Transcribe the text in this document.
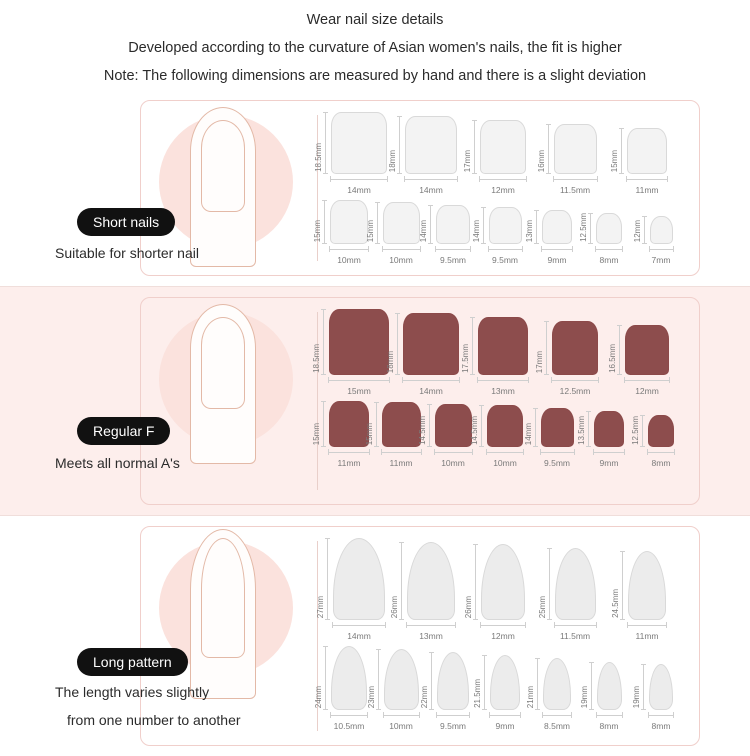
Wear nail size details
Developed according to the curvature of Asian women's nails, the fit is higher
Note: The following dimensions are measured by hand and there is a slight deviation
18.5mm
14mm
18mm
14mm
17mm
12mm
16mm
11.5mm
15mm
11mm
15mm
10mm
15mm
10mm
14mm
9.5mm
14mm
9.5mm
13mm
9mm
12.5mm
8mm
12mm
7mm
Short nails
Suitable for shorter nail
18.5mm
15mm
18mm
14mm
17.5mm
13mm
17mm
12.5mm
16.5mm
12mm
15mm
11mm
15mm
11mm
14.5mm
10mm
14.5mm
10mm
14mm
9.5mm
13.5mm
9mm
12.5mm
8mm
Regular F
Meets all normal A's
27mm
14mm
26mm
13mm
26mm
12mm
25mm
11.5mm
24.5mm
11mm
24mm
10.5mm
23mm
10mm
22mm
9.5mm
21.5mm
9mm
21mm
8.5mm
19mm
8mm
19mm
8mm
Long pattern
The length varies slightly
from one number to another
